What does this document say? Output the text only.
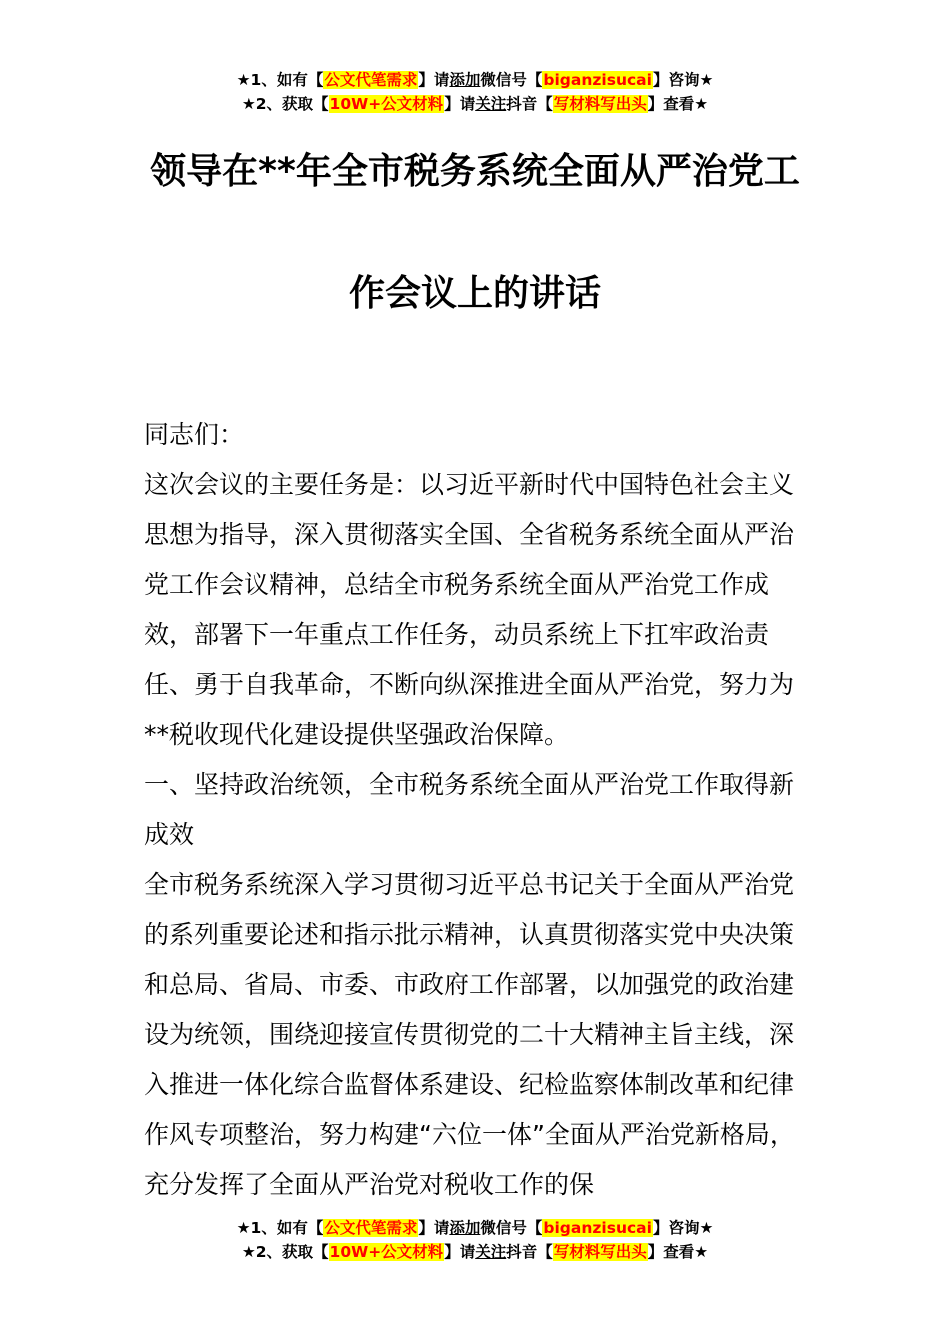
★1、如有【公文代笔需求】请添加微信号【biganzisucai】咨询★
★2、获取【10W+公文材料】请关注抖音【写材料写出头】查看★
领导在**年全市税务系统全面从严治党工
作会议上的讲话

同志们：

这次会议的主要任务是：以习近平新时代中国特色社会主义思想为指导，深入贯彻落实全国、全省税务系统全面从严治党工作会议精神，总结全市税务系统全面从严治党工作成效，部署下一年重点工作任务，动员系统上下扛牢政治责任、勇于自我革命，不断向纵深推进全面从严治党，努力为**税收现代化建设提供坚强政治保障。

一、坚持政治统领，全市税务系统全面从严治党工作取得新成效

全市税务系统深入学习贯彻习近平总书记关于全面从严治党的系列重要论述和指示批示精神，认真贯彻落实党中央决策和总局、省局、市委、市政府工作部署，以加强党的政治建设为统领，围绕迎接宣传贯彻党的二十大精神主旨主线，深入推进一体化综合监督体系建设、纪检监察体制改革和纪律作风专项整治，努力构建“六位一体”全面从严治党新格局，充分发挥了全面从严治党对税收工作的保

★1、如有【公文代笔需求】请添加微信号【biganzisucai】咨询★
★2、获取【10W+公文材料】请关注抖音【写材料写出头】查看★
